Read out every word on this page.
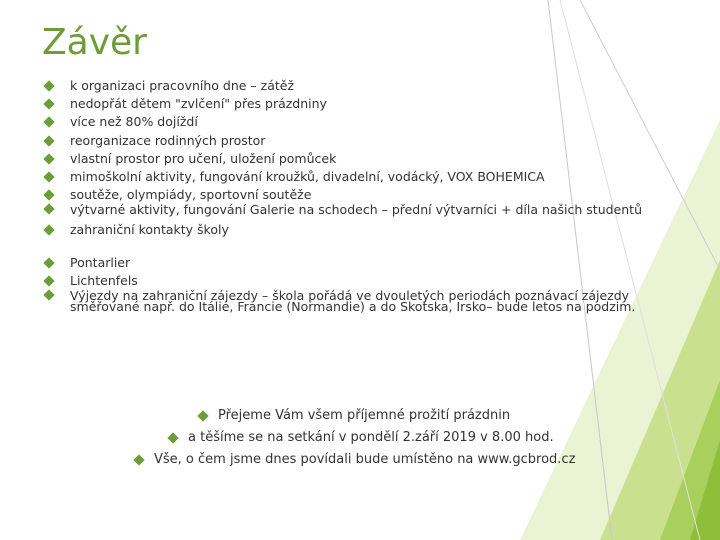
Závěr
k organizaci pracovního dne – zátěž
nedopřát dětem "zvlčení" přes prázdniny
více než 80% dojíždí
reorganizace rodinných prostor
vlastní prostor pro učení, uložení pomůcek
mimoškolní aktivity, fungování kroužků, divadelní, vodácký, VOX BOHEMICA
soutěže, olympiády, sportovní soutěže
výtvarné aktivity, fungování Galerie na schodech – přední výtvarníci + díla našich studentů
zahraniční kontakty školy
Pontarlier
Lichtenfels
Výjezdy na zahraniční zájezdy – škola pořádá ve dvouletých periodách poznávací zájezdy směřované např. do Itálie, Francie (Normandie) a do Skotska, Irsko– bude letos na podzim.
Přejeme Vám všem příjemné prožití prázdnin
a těšíme se na setkání v pondělí 2.září 2019 v 8.00 hod.
Vše, o čem jsme dnes povídali bude umístěno na www.gcbrod.cz
